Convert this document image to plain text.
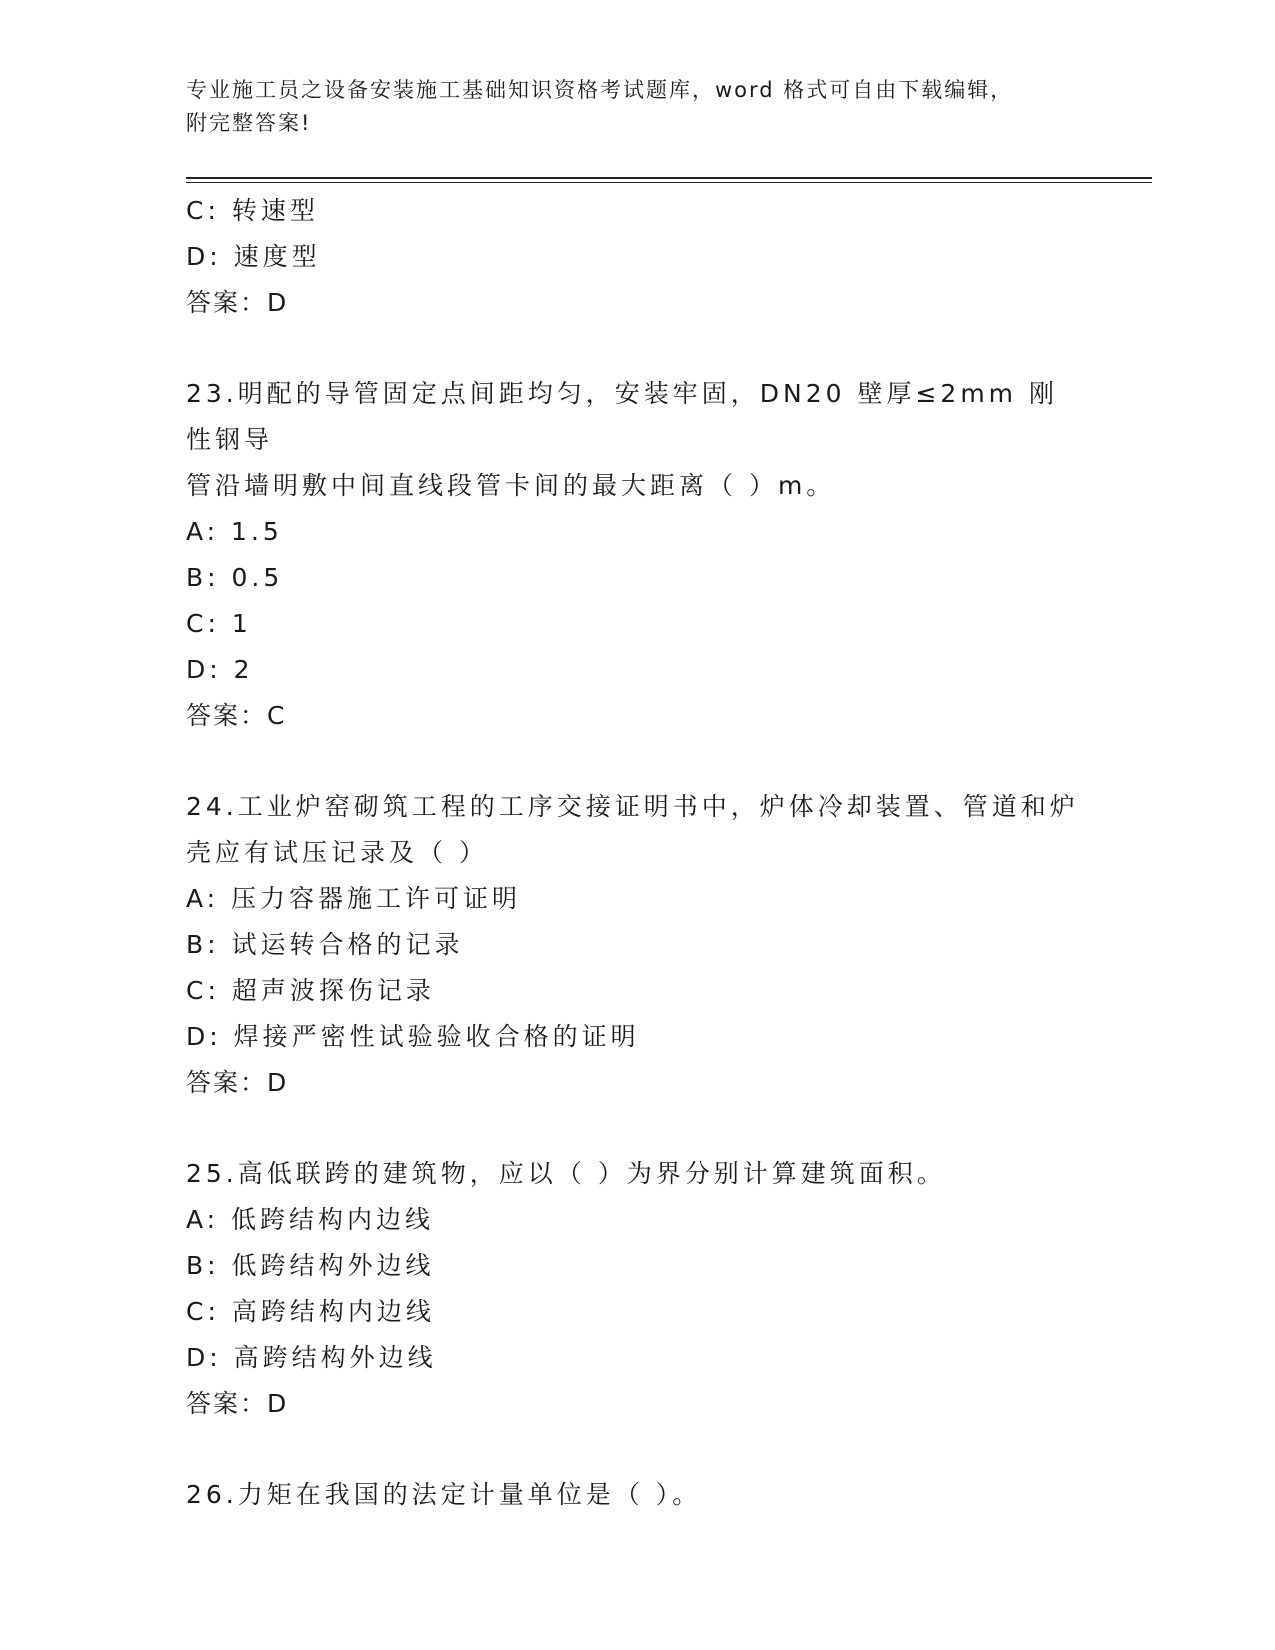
专业施工员之设备安装施工基础知识资格考试题库，word 格式可自由下载编辑，
附完整答案!
C: 转速型
D: 速度型
答案：D
23.明配的导管固定点间距均匀，安装牢固，DN20 壁厚≤2mm 刚性钢导
管沿墙明敷中间直线段管卡间的最大距离（ ）m。
A: 1.5
B: 0.5
C: 1
D: 2
答案：C
24.工业炉窑砌筑工程的工序交接证明书中，炉体冷却装置、管道和炉
壳应有试压记录及（ ）
A: 压力容器施工许可证明
B: 试运转合格的记录
C: 超声波探伤记录
D: 焊接严密性试验验收合格的证明
答案：D
25.高低联跨的建筑物，应以（ ）为界分别计算建筑面积。
A: 低跨结构内边线
B: 低跨结构外边线
C: 高跨结构内边线
D: 高跨结构外边线
答案：D
26.力矩在我国的法定计量单位是（ ）。
